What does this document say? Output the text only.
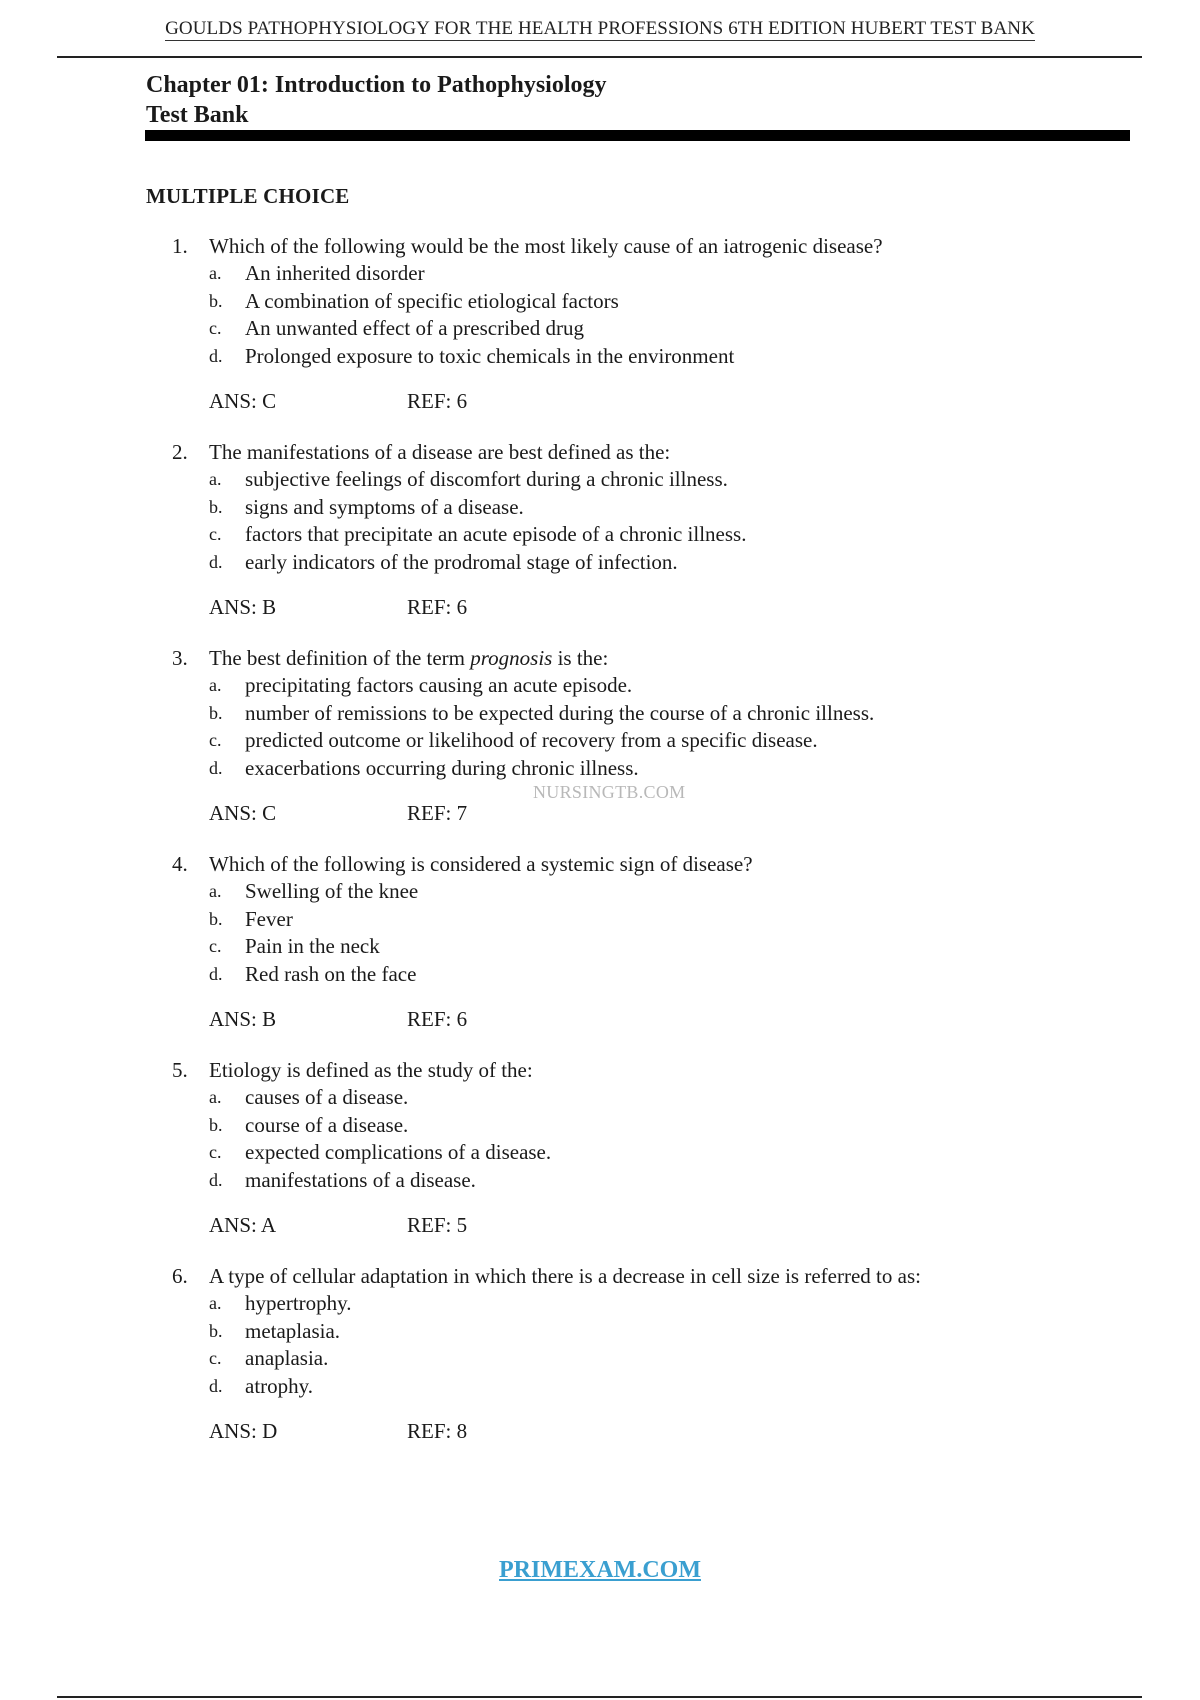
GOULDS PATHOPHYSIOLOGY FOR THE HEALTH PROFESSIONS 6TH EDITION HUBERT TEST BANK
Chapter 01: Introduction to Pathophysiology
Test Bank
MULTIPLE CHOICE
1. Which of the following would be the most likely cause of an iatrogenic disease?
a. An inherited disorder
b. A combination of specific etiological factors
c. An unwanted effect of a prescribed drug
d. Prolonged exposure to toxic chemicals in the environment
ANS: C	REF: 6
2. The manifestations of a disease are best defined as the:
a. subjective feelings of discomfort during a chronic illness.
b. signs and symptoms of a disease.
c. factors that precipitate an acute episode of a chronic illness.
d. early indicators of the prodromal stage of infection.
ANS: B	REF: 6
3. The best definition of the term prognosis is the:
a. precipitating factors causing an acute episode.
b. number of remissions to be expected during the course of a chronic illness.
c. predicted outcome or likelihood of recovery from a specific disease.
d. exacerbations occurring during chronic illness.
ANS: C	REF: 7
4. Which of the following is considered a systemic sign of disease?
a. Swelling of the knee
b. Fever
c. Pain in the neck
d. Red rash on the face
ANS: B	REF: 6
5. Etiology is defined as the study of the:
a. causes of a disease.
b. course of a disease.
c. expected complications of a disease.
d. manifestations of a disease.
ANS: A	REF: 5
6. A type of cellular adaptation in which there is a decrease in cell size is referred to as:
a. hypertrophy.
b. metaplasia.
c. anaplasia.
d. atrophy.
ANS: D	REF: 8
NURSINGTB.COM
PRIMEXAM.COM
